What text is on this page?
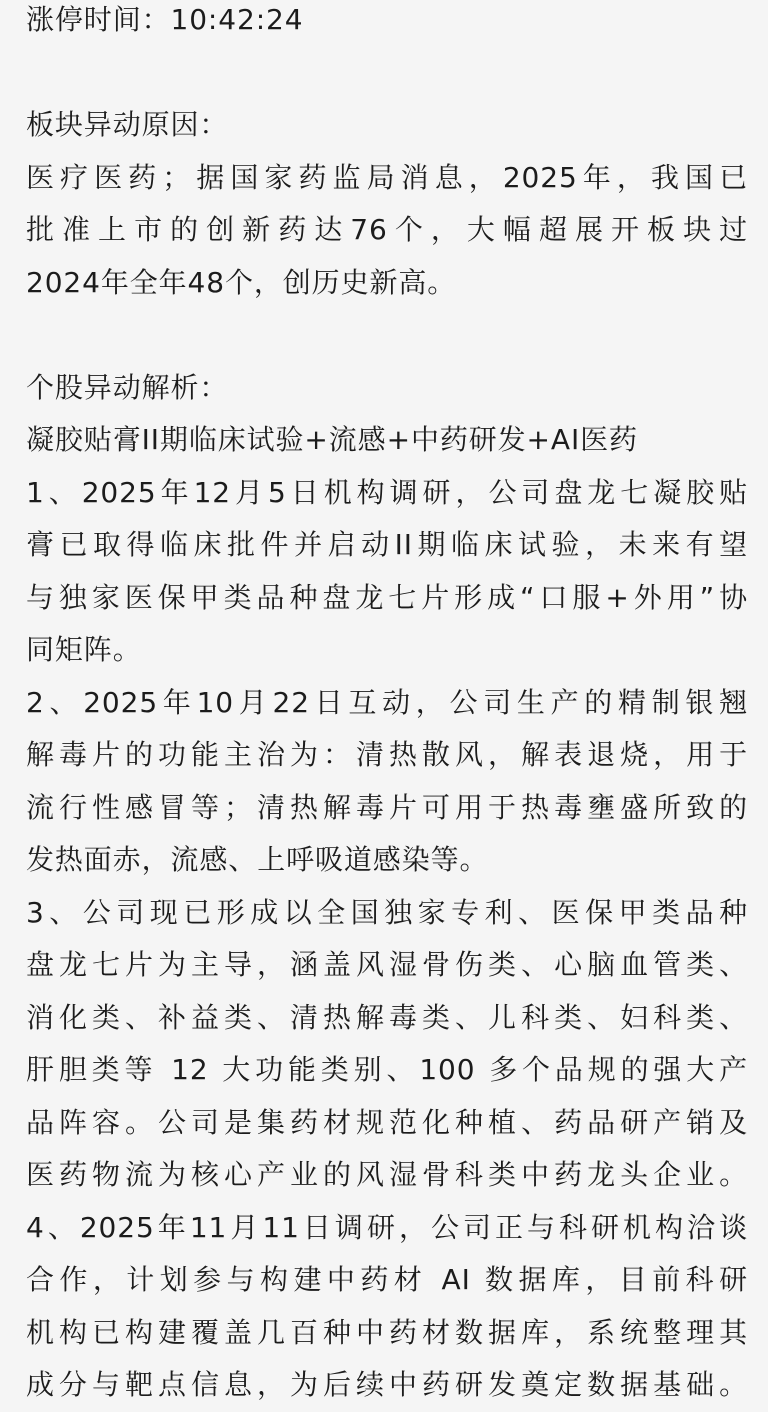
涨停时间：10:42:24
板块异动原因：
医疗医药；据国家药监局消息，2025年，我国已
批准上市的创新药达76个，大幅超展开板块过
2024年全年48个，创历史新高。
个股异动解析：
凝胶贴膏II期临床试验+流感+中药研发+AI医药
1、2025年12月5日机构调研，公司盘龙七凝胶贴
膏已取得临床批件并启动II期临床试验，未来有望
与独家医保甲类品种盘龙七片形成“口服+外用”协
同矩阵。
2、2025年10月22日互动，公司生产的精制银翘
解毒片的功能主治为：清热散风，解表退烧，用于
流行性感冒等；清热解毒片可用于热毒壅盛所致的
发热面赤，流感、上呼吸道感染等。
3、公司现已形成以全国独家专利、医保甲类品种
盘龙七片为主导，涵盖风湿骨伤类、心脑血管类、
消化类、补益类、清热解毒类、儿科类、妇科类、
肝胆类等 12 大功能类别、100 多个品规的强大产
品阵容。公司是集药材规范化种植、药品研产销及
医药物流为核心产业的风湿骨科类中药龙头企业。
4、2025年11月11日调研，公司正与科研机构洽谈
合作，计划参与构建中药材 AI 数据库，目前科研
机构已构建覆盖几百种中药材数据库，系统整理其
成分与靶点信息，为后续中药研发奠定数据基础。
